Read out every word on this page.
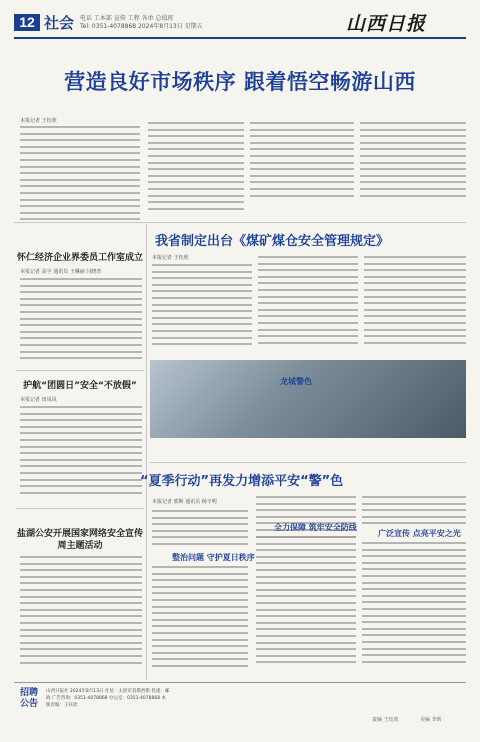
12 社会 电话 工本部 宣传 工程 各单 总值班
Tel: 0351-4078868 2024年8月13日 星期五	山西日报
营造良好市场秩序 跟着悟空畅游山西
本报记者 王钰欣
怀仁经济企业界委员工作室成立
本报记者 高宇 通讯员 王琳丽 闫晓青
护航“团圆日”安全“不放假”
本报记者 田凤凤
盐湖公安开展国家网络安全宣传周主题活动
我省制定出台《煤矿煤仓安全管理规定》
本报记者 王钰欣
龙城警色
“夏季行动”再发力增添平安“警”色
本报记者 邢斯 通讯员 杨辛明
整治问题 守护夏日秩序
全力保障 筑牢安全防线
广泛宣传 点亮平安之光
招聘公告
山西日报社 2024年8月13日 社址：太原市双塔西街 投递：邮政 广告咨询：0351-4078868 办公室：0351-4078868 本版责编：王钰欣
责编 王钰欣	美编 李昕
